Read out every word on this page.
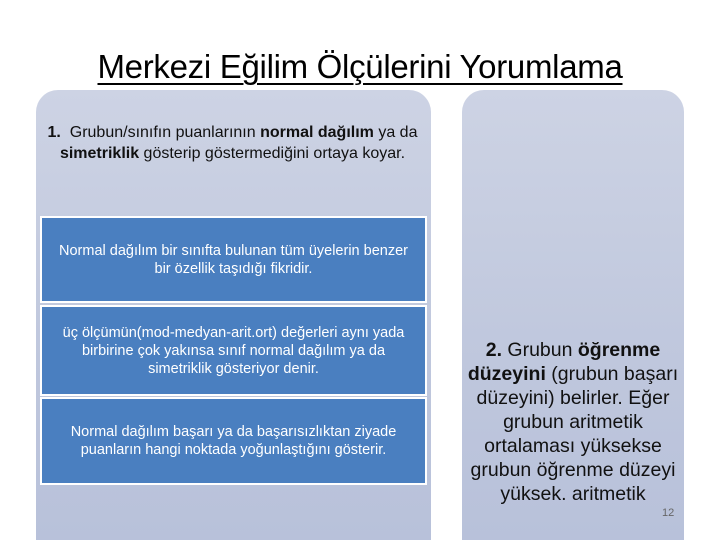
Merkezi Eğilim Ölçülerini Yorumlama
1. Grubun/sınıfın puanlarının normal dağılım ya da simetriklik gösterip göstermediğini ortaya koyar.
Normal dağılım bir sınıfta bulunan tüm üyelerin benzer bir özellik taşıdığı fikridir.
üç ölçümün(mod-medyan-arit.ort) değerleri aynı yada birbirine çok yakınsa sınıf normal dağılım ya da simetriklik gösteriyor denir.
Normal dağılım başarı ya da başarısızlıktan ziyade puanların hangi noktada yoğunlaştığını gösterir.
2. Grubun öğrenme düzeyini (grubun başarı düzeyini) belirler. Eğer grubun aritmetik ortalaması yüksekse grubun öğrenme düzeyi yüksek. aritmetik
12
